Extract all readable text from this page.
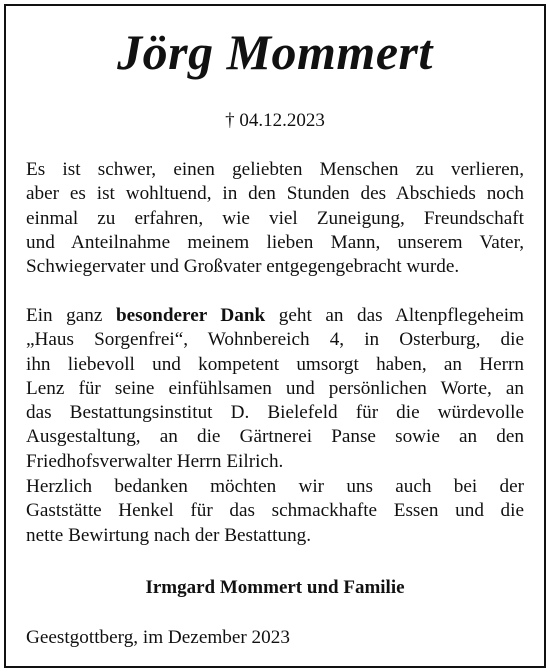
Jörg Mommert
† 04.12.2023
Es ist schwer, einen geliebten Menschen zu verlieren,
aber es ist wohltuend, in den Stunden des Abschieds noch
einmal zu erfahren, wie viel Zuneigung, Freundschaft
und Anteilnahme meinem lieben Mann, unserem Vater,
Schwiegervater und Großvater entgegengebracht wurde.
Ein ganz besonderer Dank geht an das Altenpflegeheim
„Haus Sorgenfrei“, Wohnbereich 4, in Osterburg, die
ihn liebevoll und kompetent umsorgt haben, an Herrn
Lenz für seine einfühlsamen und persönlichen Worte, an
das Bestattungsinstitut D. Bielefeld für die würdevolle
Ausgestaltung, an die Gärtnerei Panse sowie an den
Friedhofsverwalter Herrn Eilrich.
Herzlich bedanken möchten wir uns auch bei der
Gaststätte Henkel für das schmackhafte Essen und die
nette Bewirtung nach der Bestattung.
Irmgard Mommert und Familie
Geestgottberg, im Dezember 2023
